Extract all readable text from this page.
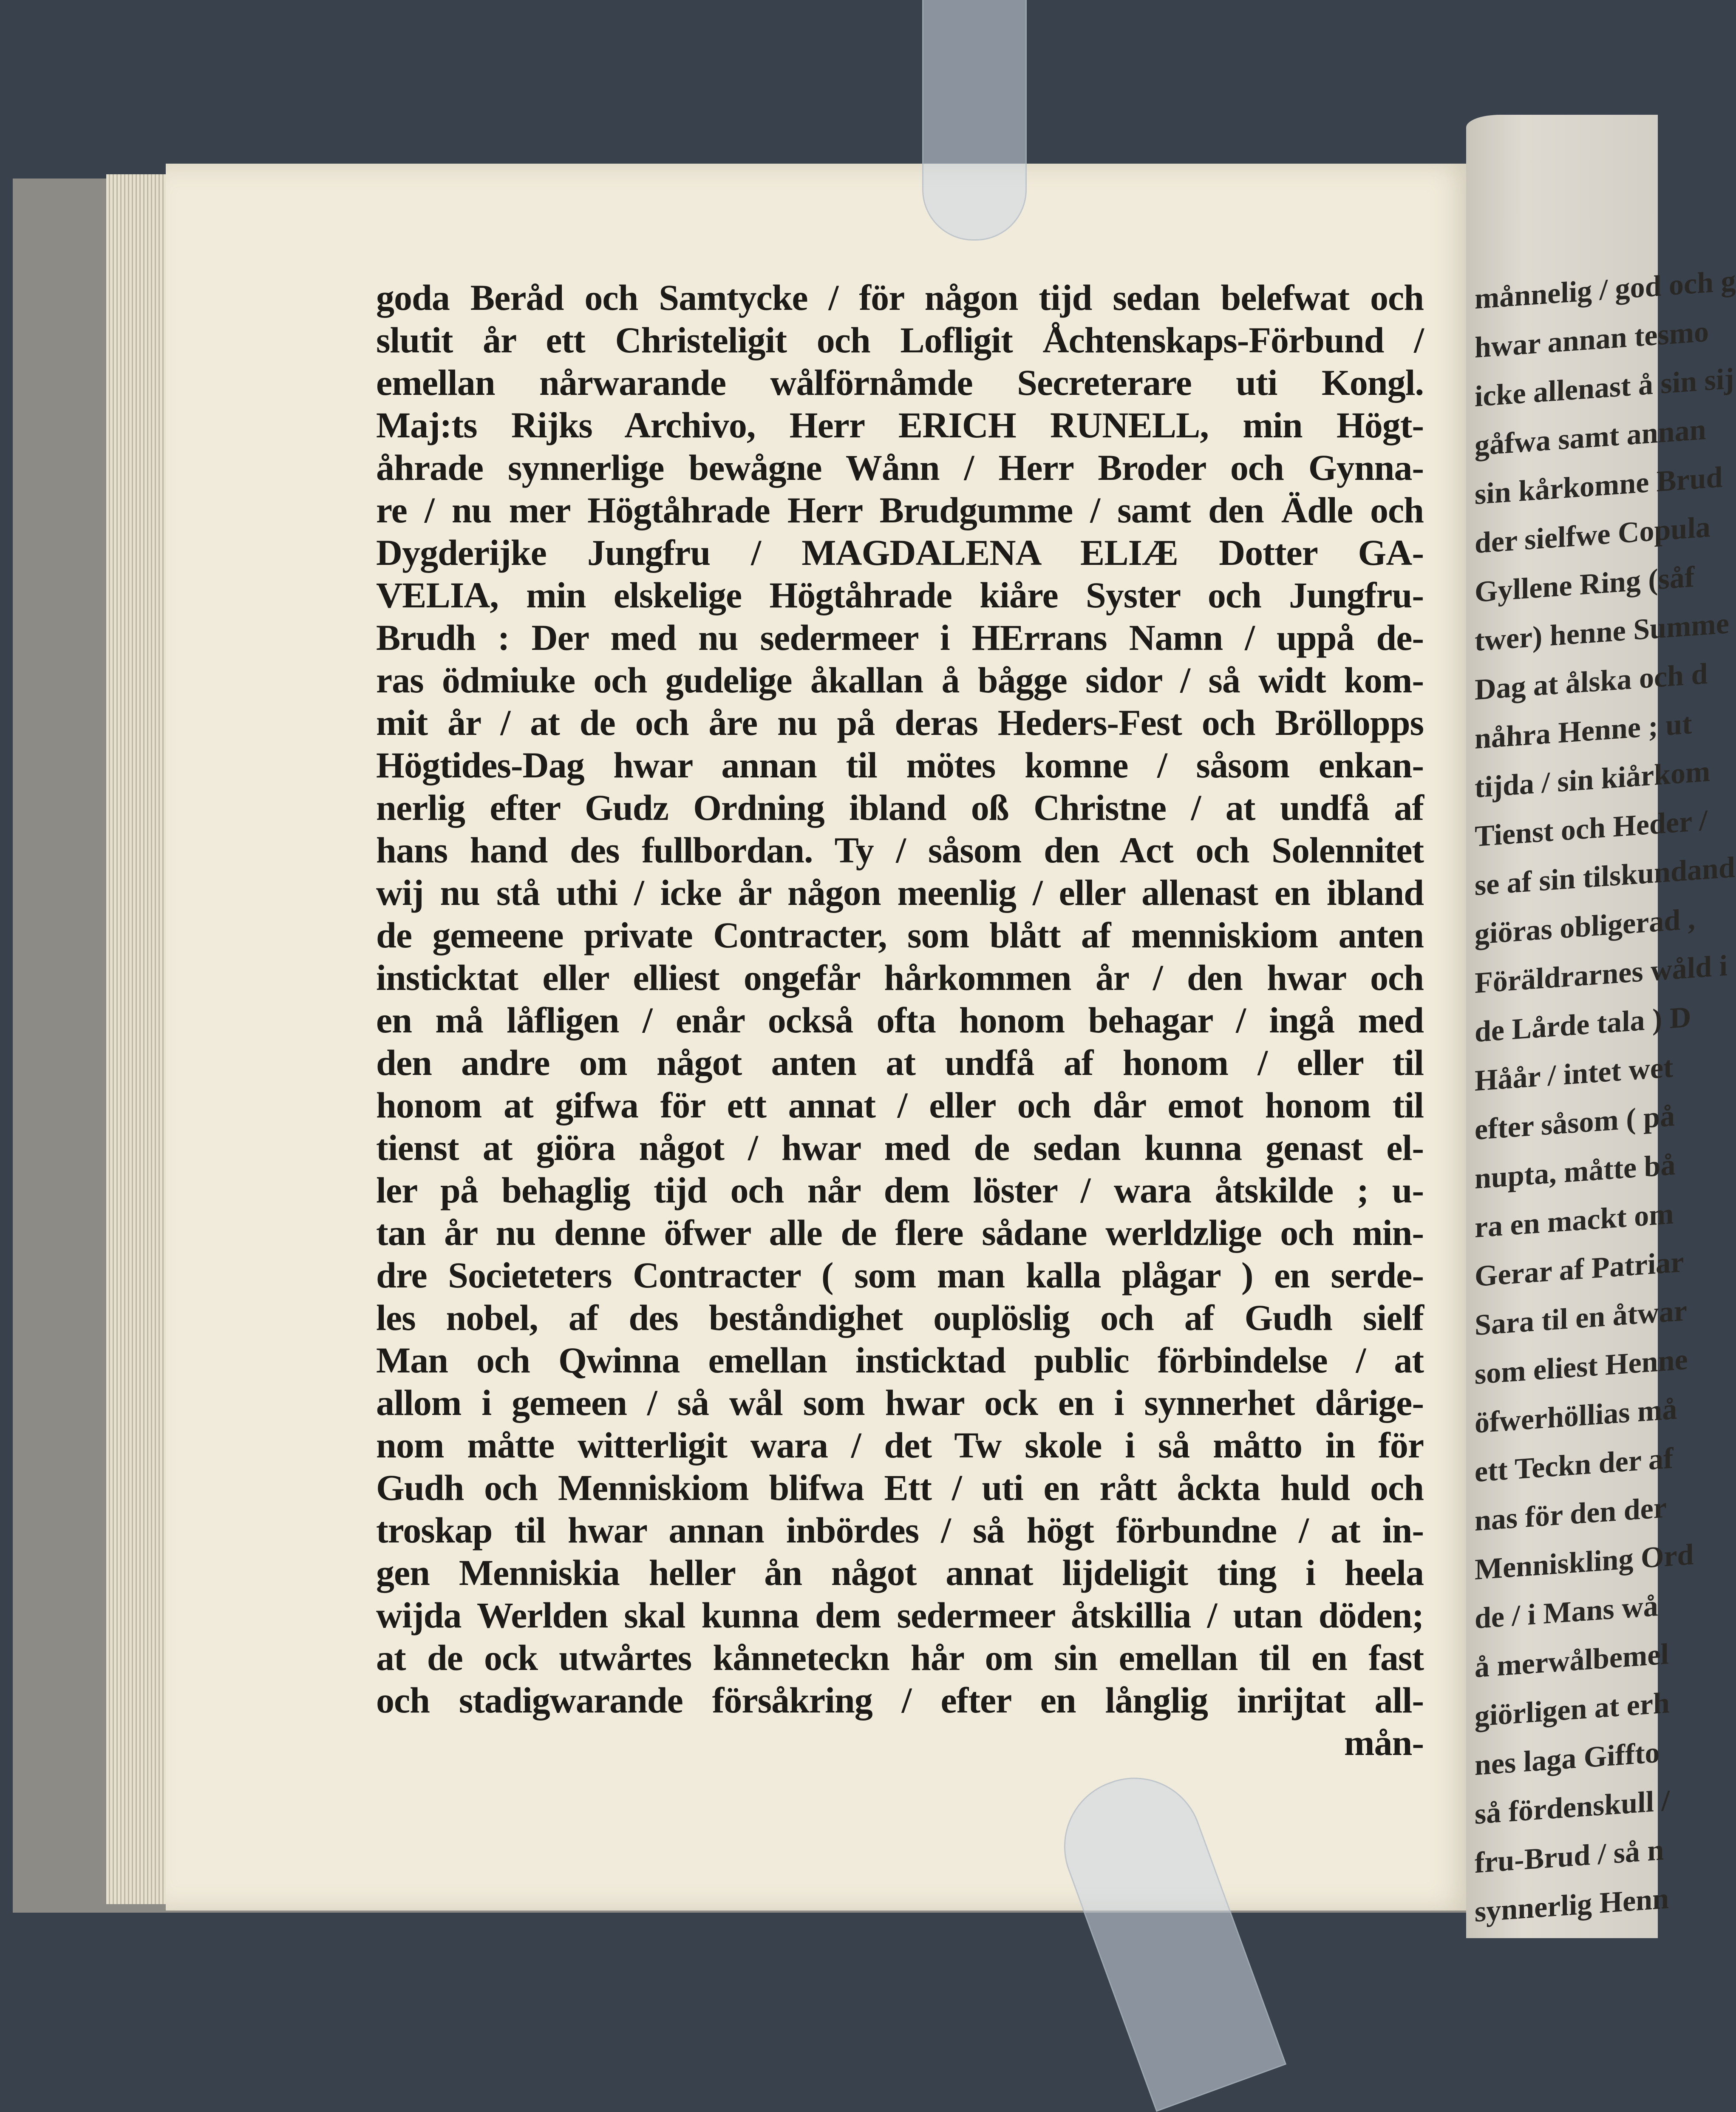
goda Beråd och Samtycke / för någon tijd sedan belefwat och
slutit år ett Christeligit och Lofligit Åchtenskaps-Förbund /
emellan nårwarande wålförnåmde Secreterare uti Kongl.
Maj:ts Rijks Archivo, Herr ERICH RUNELL, min Högt-
åhrade synnerlige bewågne Wånn / Herr Broder och Gynna-
re / nu mer Högtåhrade Herr Brudgumme / samt den Ädle och
Dygderijke Jungfru / MAGDALENA ELIÆ Dotter GA-
VELIA, min elskelige Högtåhrade kiåre Syster och Jungfru-
Brudh : Der med nu sedermeer i HErrans Namn / uppå de-
ras ödmiuke och gudelige åkallan å bågge sidor / så widt kom-
mit år / at de och åre nu på deras Heders-Fest och Bröllopps
Högtides-Dag hwar annan til mötes komne / såsom enkan-
nerlig efter Gudz Ordning ibland oß Christne / at undfå af
hans hand des fullbordan. Ty / såsom den Act och Solennitet
wij nu stå uthi / icke år någon meenlig / eller allenast en ibland
de gemeene private Contracter, som blått af menniskiom anten
insticktat eller elliest ongefår hårkommen år / den hwar och
en må låfligen / enår också ofta honom behagar / ingå med
den andre om något anten at undfå af honom / eller til
honom at gifwa för ett annat / eller och dår emot honom til
tienst at giöra något / hwar med de sedan kunna genast el-
ler på behaglig tijd och når dem löster / wara åtskilde ; u-
tan år nu denne öfwer alle de flere sådane werldzlige och min-
dre Societeters Contracter ( som man kalla plågar ) en serde-
les nobel, af des beståndighet ouplöslig och af Gudh sielf
Man och Qwinna emellan insticktad public förbindelse / at
allom i gemeen / så wål som hwar ock en i synnerhet dårige-
nom måtte witterligit wara / det Tw skole i så måtto in för
Gudh och Menniskiom blifwa Ett / uti en rått åckta huld och
troskap til hwar annan inbördes / så högt förbundne / at in-
gen Menniskia heller ån något annat lijdeligit ting i heela
wijda Werlden skal kunna dem sedermeer åtskillia / utan döden;
at de ock utwårtes kånneteckn hår om sin emellan til en fast
och stadigwarande försåkring / efter en långlig inrijtat all-
mån-
månnelig / god och g
hwar annan tesmo
icke allenast å sin sij
gåfwa samt annan
sin kårkomne Brud
der sielfwe Copula
Gyllene Ring (såf
twer) henne Summe
Dag at ålska och d
nåhra Henne ; ut
tijda / sin kiårkom
Tienst och Heder /
se af sin tilskundand
giöras obligerad ,
Föräldrarnes wåld i
de Lårde tala ) D
Håår / intet wet
efter såsom ( på
nupta, måtte bå
ra en mackt om
Gerar af Patriar
Sara til en åtwar
som eliest Henne
öfwerhöllias må
ett Teckn der af
nas för den der
Menniskling Ord
de / i Mans wå
å merwålbemel
giörligen at erh
nes laga Giffto
så fördenskull /
fru-Brud / så n
synnerlig Henn
